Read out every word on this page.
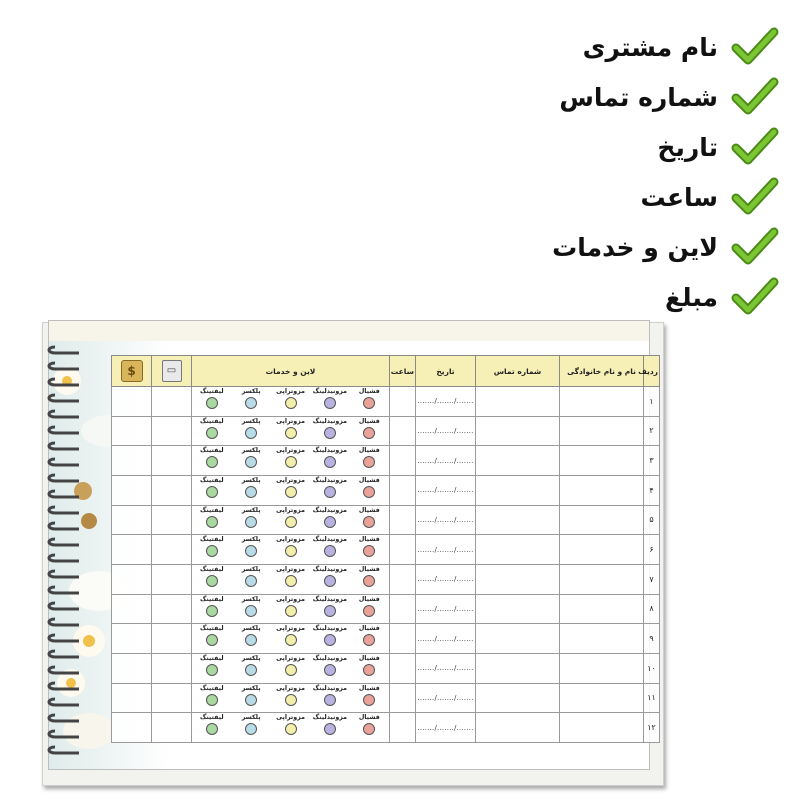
نام مشتری
شماره تماس
تاریخ
ساعت
لاین و خدمات
مبلغ
ردیف	نام و نام خانوادگی	شماره تماس	تاریخ	ساعت	لاین و خدمات	▭	$
۱			......./......./.......		فشیال
مزونیدلینگ
مزوتراپی
پلکسر
لیفتینگ		

۲			......./......./.......		فشیال
مزونیدلینگ
مزوتراپی
پلکسر
لیفتینگ		

۳			......./......./.......		فشیال
مزونیدلینگ
مزوتراپی
پلکسر
لیفتینگ		

۴			......./......./.......		فشیال
مزونیدلینگ
مزوتراپی
پلکسر
لیفتینگ		

۵			......./......./.......		فشیال
مزونیدلینگ
مزوتراپی
پلکسر
لیفتینگ		

۶			......./......./.......		فشیال
مزونیدلینگ
مزوتراپی
پلکسر
لیفتینگ		

۷			......./......./.......		فشیال
مزونیدلینگ
مزوتراپی
پلکسر
لیفتینگ		

۸			......./......./.......		فشیال
مزونیدلینگ
مزوتراپی
پلکسر
لیفتینگ		

۹			......./......./.......		فشیال
مزونیدلینگ
مزوتراپی
پلکسر
لیفتینگ		

۱۰			......./......./.......		فشیال
مزونیدلینگ
مزوتراپی
پلکسر
لیفتینگ		

۱۱			......./......./.......		فشیال
مزونیدلینگ
مزوتراپی
پلکسر
لیفتینگ		

۱۲			......./......./.......		فشیال
مزونیدلینگ
مزوتراپی
پلکسر
لیفتینگ		
